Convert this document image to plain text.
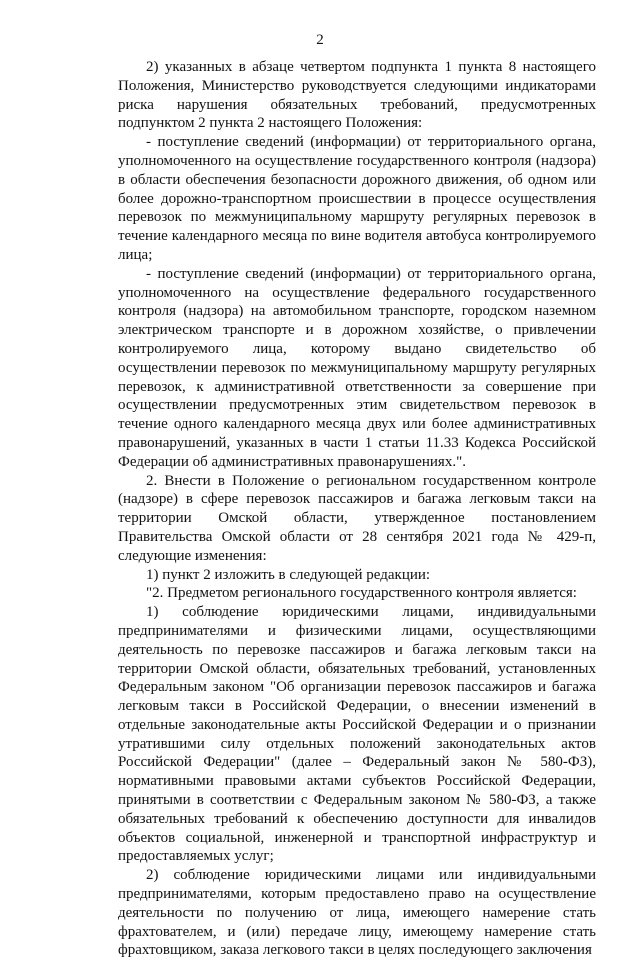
2

2) указанных в абзаце четвертом подпункта 1 пункта 8 настоящего Положения, Министерство руководствуется следующими индикаторами риска нарушения обязательных требований, предусмотренных подпунктом 2 пункта 2 настоящего Положения:

- поступление сведений (информации) от территориального органа, уполномоченного на осуществление государственного контроля (надзора) в области обеспечения безопасности дорожного движения, об одном или более дорожно-транспортном происшествии в процессе осуществления перевозок по межмуниципальному маршруту регулярных перевозок в течение календарного месяца по вине водителя автобуса контролируемого лица;

- поступление сведений (информации) от территориального органа, уполномоченного на осуществление федерального государственного контроля (надзора) на автомобильном транспорте, городском наземном электрическом транспорте и в дорожном хозяйстве, о привлечении контролируемого лица, которому выдано свидетельство об осуществлении перевозок по межмуниципальному маршруту регулярных перевозок, к административной ответственности за совершение при осуществлении предусмотренных этим свидетельством перевозок в течение одного календарного месяца двух или более административных правонарушений, указанных в части 1 статьи 11.33 Кодекса Российской Федерации об административных правонарушениях.".

2. Внести в Положение о региональном государственном контроле (надзоре) в сфере перевозок пассажиров и багажа легковым такси на территории Омской области, утвержденное постановлением Правительства Омской области от 28 сентября 2021 года № 429-п, следующие изменения:

1) пункт 2 изложить в следующей редакции:

"2. Предметом регионального государственного контроля является:

1) соблюдение юридическими лицами, индивидуальными предпринимателями и физическими лицами, осуществляющими деятельность по перевозке пассажиров и багажа легковым такси на территории Омской области, обязательных требований, установленных Федеральным законом "Об организации перевозок пассажиров и багажа легковым такси в Российской Федерации, о внесении изменений в отдельные законодательные акты Российской Федерации и о признании утратившими силу отдельных положений законодательных актов Российской Федерации" (далее – Федеральный закон № 580-ФЗ), нормативными правовыми актами субъектов Российской Федерации, принятыми в соответствии с Федеральным законом № 580-ФЗ, а также обязательных требований к обеспечению доступности для инвалидов объектов социальной, инженерной и транспортной инфраструктур и предоставляемых услуг;

2) соблюдение юридическими лицами или индивидуальными предпринимателями, которым предоставлено право на осуществление деятельности по получению от лица, имеющего намерение стать фрахтователем, и (или) передаче лицу, имеющему намерение стать фрахтовщиком, заказа легкового такси в целях последующего заключения
